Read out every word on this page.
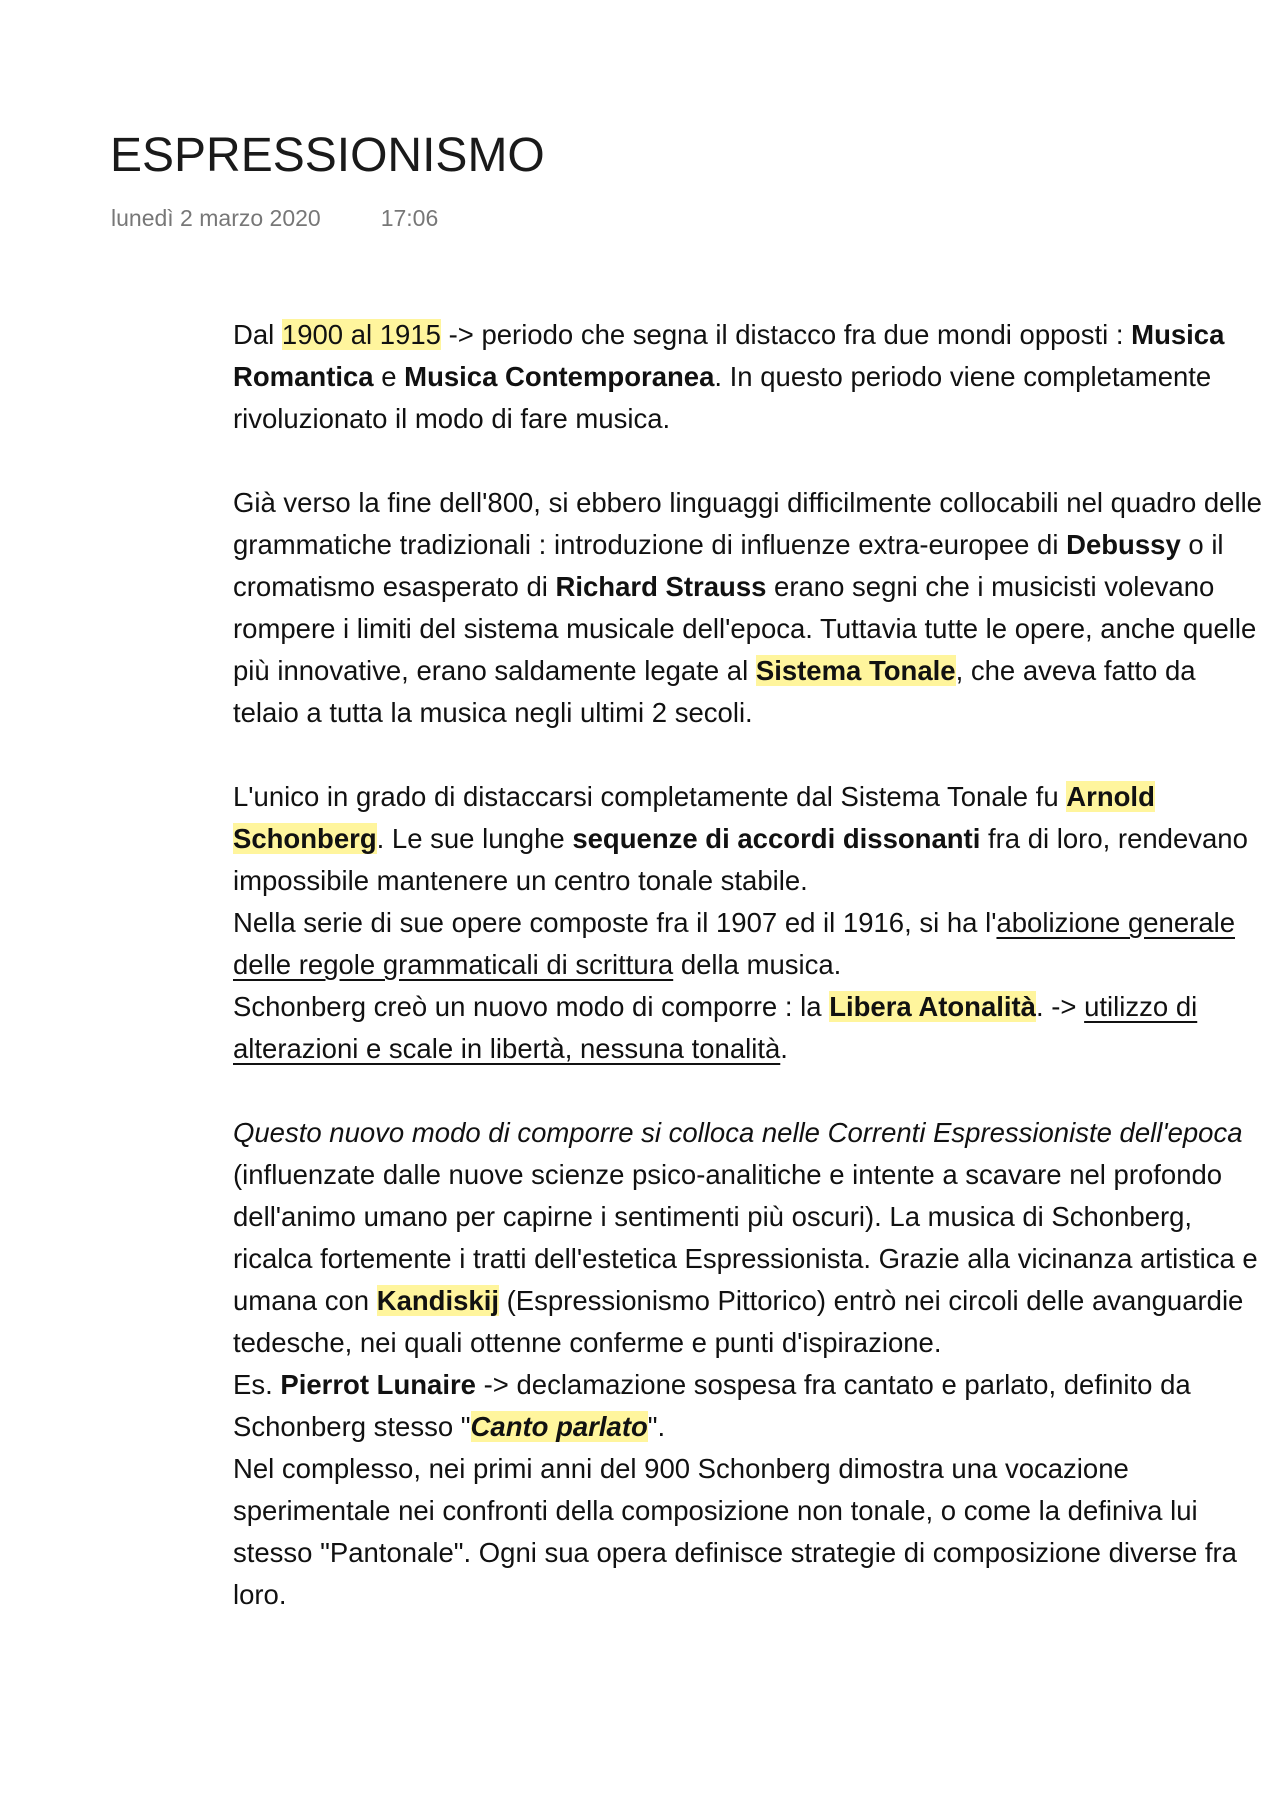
ESPRESSIONISMO
lunedì 2 marzo 2020	17:06

Dal 1900 al 1915 -> periodo che segna il distacco fra due mondi opposti : Musica Romantica e Musica Contemporanea. In questo periodo viene completamente rivoluzionato il modo di fare musica.

Già verso la fine dell'800, si ebbero linguaggi difficilmente collocabili nel quadro delle grammatiche tradizionali : introduzione di influenze extra-europee di Debussy o il cromatismo esasperato di Richard Strauss erano segni che i musicisti volevano rompere i limiti del sistema musicale dell'epoca. Tuttavia tutte le opere, anche quelle più innovative, erano saldamente legate al Sistema Tonale, che aveva fatto da telaio a tutta la musica negli ultimi 2 secoli.

L'unico in grado di distaccarsi completamente dal Sistema Tonale fu Arnold Schonberg. Le sue lunghe sequenze di accordi dissonanti fra di loro, rendevano impossibile mantenere un centro tonale stabile.

Nella serie di sue opere composte fra il 1907 ed il 1916, si ha l'abolizione generale delle regole grammaticali di scrittura della musica.

Schonberg creò un nuovo modo di comporre : la Libera Atonalità. -> utilizzo di alterazioni e scale in libertà, nessuna tonalità.

Questo nuovo modo di comporre si colloca nelle Correnti Espressioniste dell'epoca (influenzate dalle nuove scienze psico-analitiche e intente a scavare nel profondo dell'animo umano per capirne i sentimenti più oscuri). La musica di Schonberg, ricalca fortemente i tratti dell'estetica Espressionista. Grazie alla vicinanza artistica e umana con Kandiskij (Espressionismo Pittorico) entrò nei circoli delle avanguardie tedesche, nei quali ottenne conferme e punti d'ispirazione.

Es. Pierrot Lunaire -> declamazione sospesa fra cantato e parlato, definito da Schonberg stesso "Canto parlato".

Nel complesso, nei primi anni del 900 Schonberg dimostra una vocazione sperimentale nei confronti della composizione non tonale, o come la definiva lui stesso "Pantonale". Ogni sua opera definisce strategie di composizione diverse fra loro.
